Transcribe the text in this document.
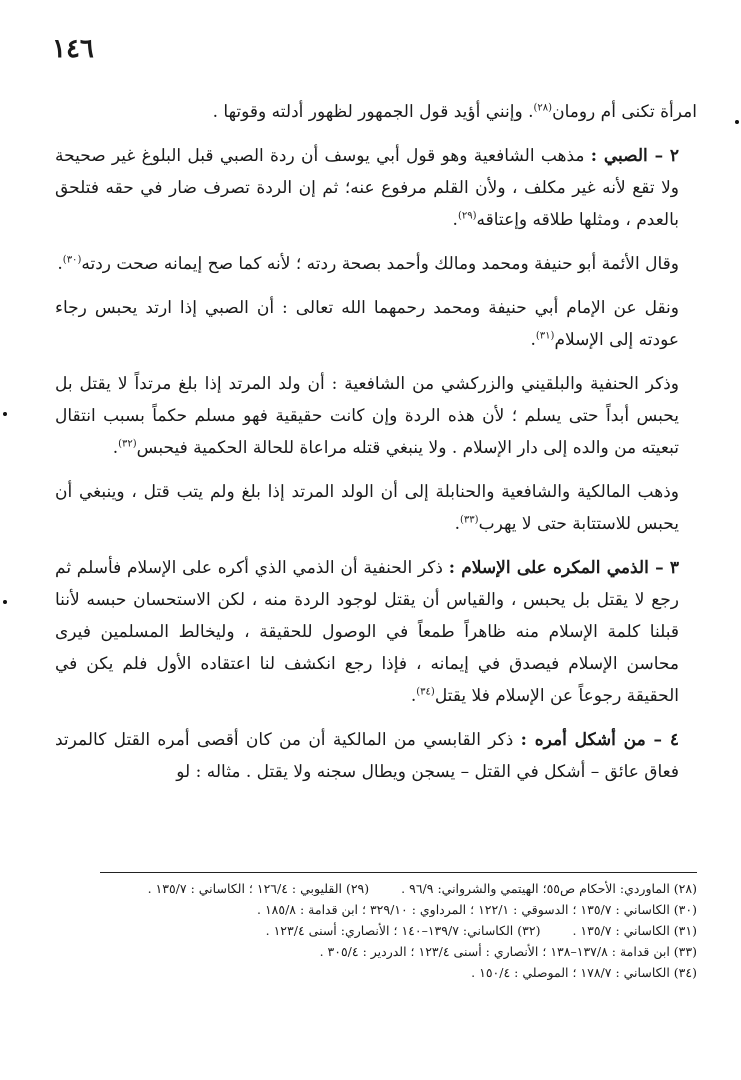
١٤٦

امرأة تكنى أم رومان$^{(٢٨)}$. وإنني أؤيد قول الجمهور لظهور أدلته وقوتها .

٢ – الصبي : مذهب الشافعية وهو قول أبي يوسف أن ردة الصبي قبل البلوغ غير صحيحة ولا تقع لأنه غير مكلف ، ولأن القلم مرفوع عنه؛ ثم إن الردة تصرف ضار في حقه فتلحق بالعدم ، ومثلها طلاقه وإعتاقه$^{(٢٩)}$.

وقال الأئمة أبو حنيفة ومحمد ومالك وأحمد بصحة ردته ؛ لأنه كما صح إيمانه صحت ردته$^{(٣٠)}$.

ونقل عن الإمام أبي حنيفة ومحمد رحمهما الله تعالى : أن الصبي إذا ارتد يحبس رجاء عودته إلى الإسلام$^{(٣١)}$.

وذكر الحنفية والبلقيني والزركشي من الشافعية : أن ولد المرتد إذا بلغ مرتداً لا يقتل بل يحبس أبداً حتى يسلم ؛ لأن هذه الردة وإن كانت حقيقية فهو مسلم حكماً بسبب انتقال تبعيته من والده إلى دار الإسلام . ولا ينبغي قتله مراعاة للحالة الحكمية فيحبس$^{(٣٢)}$.

وذهب المالكية والشافعية والحنابلة إلى أن الولد المرتد إذا بلغ ولم يتب قتل ، وينبغي أن يحبس للاستتابة حتى لا يهرب$^{(٣٣)}$.

٣ – الذمي المكره على الإسلام : ذكر الحنفية أن الذمي الذي أكره على الإسلام فأسلم ثم رجع لا يقتل بل يحبس ، والقياس أن يقتل لوجود الردة منه ، لكن الاستحسان حبسه لأننا قبلنا كلمة الإسلام منه ظاهراً طمعاً في الوصول للحقيقة ، وليخالط المسلمين فيرى محاسن الإسلام فيصدق في إيمانه ، فإذا رجع انكشف لنا اعتقاده الأول فلم يكن في الحقيقة رجوعاً عن الإسلام فلا يقتل$^{(٣٤)}$.

٤ – من أشكل أمره : ذكر القابسي من المالكية أن من كان أقصى أمره القتل كالمرتد فعاق عائق – أشكل في القتل – يسجن ويطال سجنه ولا يقتل . مثاله : لو

(٢٨) الماوردي: الأحكام ص٥٥؛ الهيتمي والشرواني: ٩٦/٩ . (٢٩) القليوبي : ١٢٦/٤ ؛ الكاساني : ١٣٥/٧ .
(٣٠) الكاساني : ١٣٥/٧ ؛ الدسوقي : ١٢٢/١ ؛ المرداوي : ٣٢٩/١٠ ؛ ابن قدامة : ١٨٥/٨ .
(٣١) الكاساني : ١٣٥/٧ . (٣٢) الكاساني: ١٣٩/٧–١٤٠ ؛ الأنصاري: أسنى ١٢٣/٤ .
(٣٣) ابن قدامة : ١٣٧/٨–١٣٨ ؛ الأنصاري : أسنى ١٢٣/٤ ؛ الدردير : ٣٠٥/٤ .
(٣٤) الكاساني : ١٧٨/٧ ؛ الموصلي : ١٥٠/٤ .
